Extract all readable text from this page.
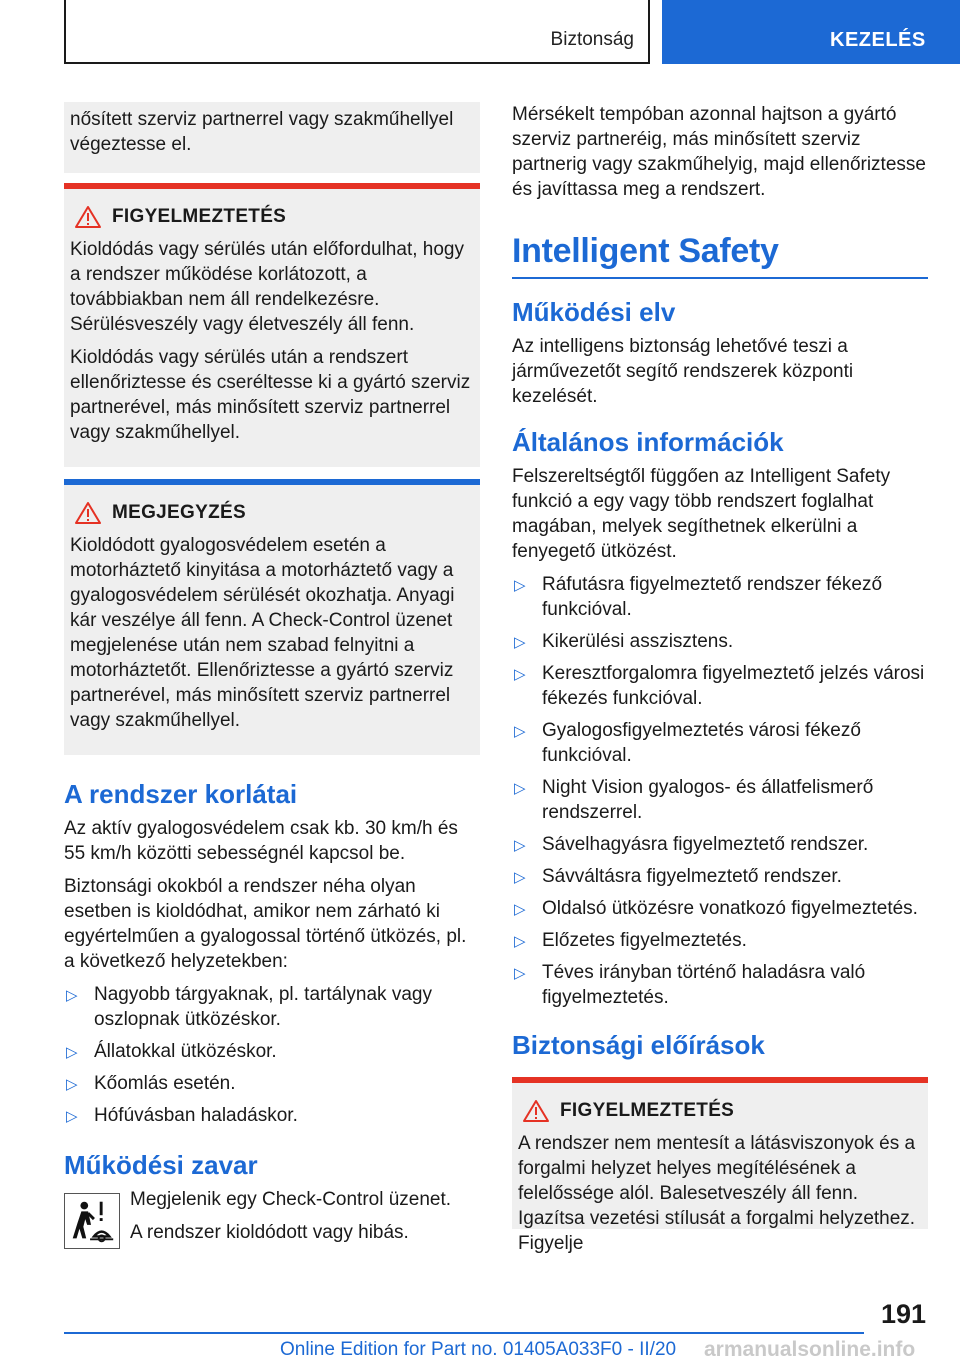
Biztonság	KEZELÉS

nősített szerviz partnerrel vagy szakműhellyel végeztesse el.

FIGYELMEZTETÉS

Kioldódás vagy sérülés után előfordulhat, hogy a rendszer működése korlátozott, a továbbiakban nem áll rendelkezésre. Sérülésveszély vagy életveszély áll fenn.

Kioldódás vagy sérülés után a rendszert ellenőriztesse és cseréltesse ki a gyártó szerviz partnerével, más minősített szerviz partnerrel vagy szakműhellyel.

MEGJEGYZÉS

Kioldódott gyalogosvédelem esetén a motorháztető kinyitása a motorháztető vagy a gyalogosvédelem sérülését okozhatja. Anyagi kár veszélye áll fenn. A Check-Control üzenet megjelenése után nem szabad felnyitni a motorháztetőt. Ellenőriztesse a gyártó szerviz partnerével, más minősített szerviz partnerrel vagy szakműhellyel.

A rendszer korlátai

Az aktív gyalogosvédelem csak kb. 30 km/h és 55 km/h közötti sebességnél kapcsol be.

Biztonsági okokból a rendszer néha olyan esetben is kioldódhat, amikor nem zárható ki egyértelműen a gyalogossal történő ütközés, pl. a következő helyzetekben:

▷ Nagyobb tárgyaknak, pl. tartálynak vagy oszlopnak ütközéskor.
▷ Állatokkal ütközéskor.
▷ Kőomlás esetén.
▷ Hófúvásban haladáskor.
Működési zavar

Megjelenik egy Check-Control üzenet.

A rendszer kioldódott vagy hibás.

Mérsékelt tempóban azonnal hajtson a gyártó szerviz partneréig, más minősített szerviz partnerig vagy szakműhelyig, majd ellenőriztesse és javíttassa meg a rendszert.

Intelligent Safety
Működési elv

Az intelligens biztonság lehetővé teszi a járművezetőt segítő rendszerek központi kezelését.

Általános információk

Felszereltségtől függően az Intelligent Safety funkció a egy vagy több rendszert foglalhat magában, melyek segíthetnek elkerülni a fenyegető ütközést.

▷ Ráfutásra figyelmeztető rendszer fékező funkcióval.
▷ Kikerülési asszisztens.
▷ Keresztforgalomra figyelmeztető jelzés városi fékezés funkcióval.
▷ Gyalogosfigyelmeztetés városi fékező funkcióval.
▷ Night Vision gyalogos- és állatfelismerő rendszerrel.
▷ Sávelhagyásra figyelmeztető rendszer.
▷ Sávváltásra figyelmeztető rendszer.
▷ Oldalsó ütközésre vonatkozó figyelmeztetés.
▷ Előzetes figyelmeztetés.
▷ Téves irányban történő haladásra való figyelmeztetés.
Biztonsági előírások
FIGYELMEZTETÉS

A rendszer nem mentesít a látásviszonyok és a forgalmi helyzet helyes megítélésének a felelőssége alól. Balesetveszély áll fenn. Igazítsa vezetési stílusát a forgalmi helyzethez. Figyelje

191
Online Edition for Part no. 01405A033F0 - II/20 armanualsonline.info
